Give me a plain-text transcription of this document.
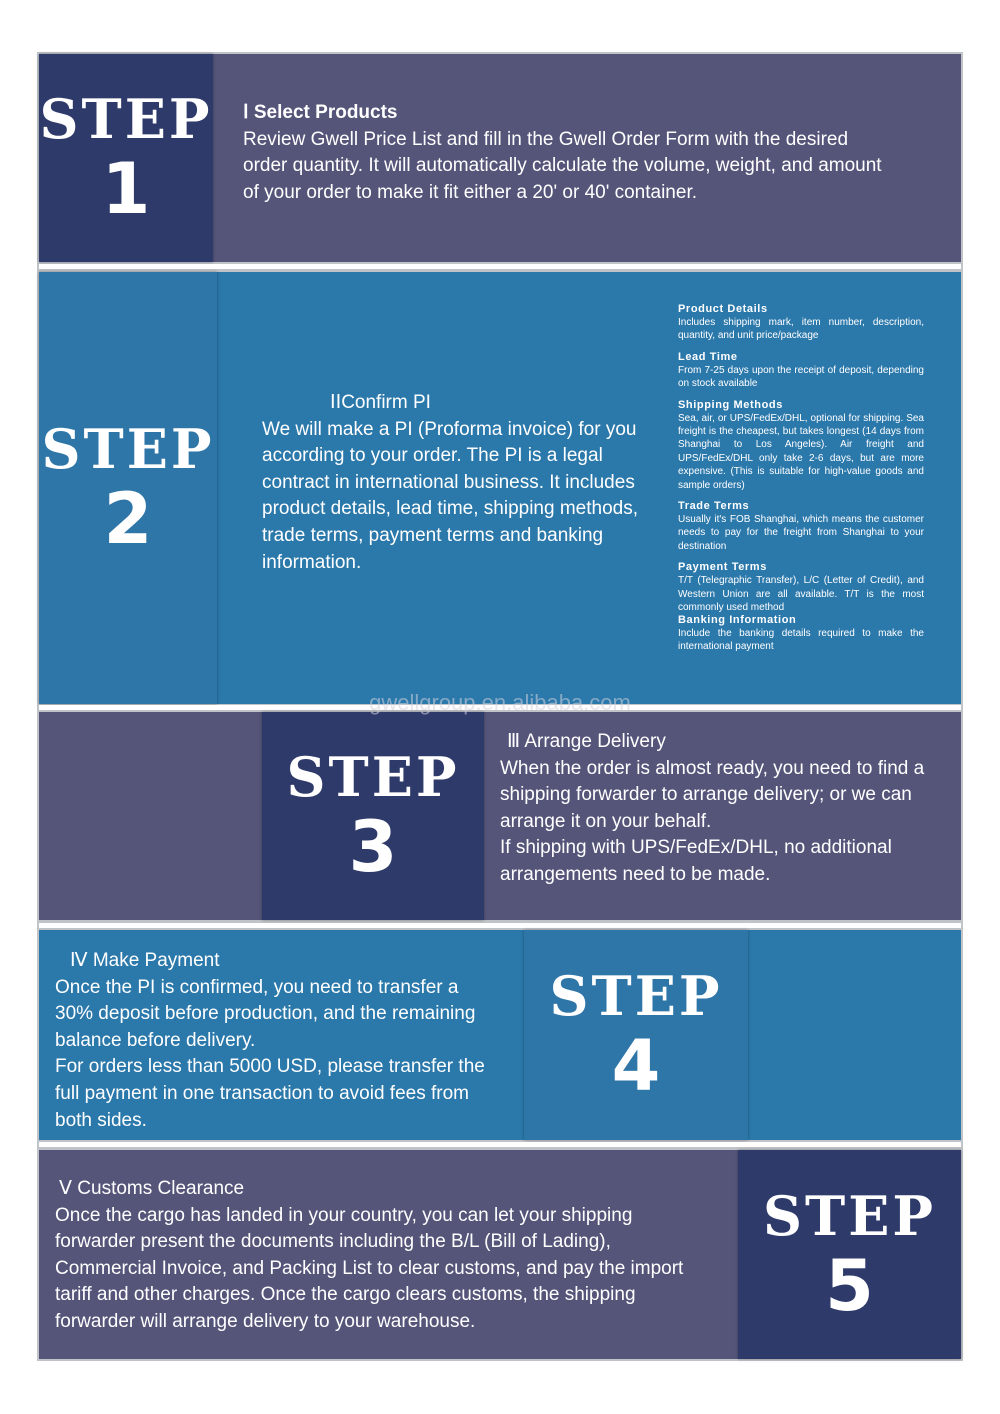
STEP
1
Ⅰ Select Products

Review Gwell Price List and fill in the Gwell Order Form with the desired

order quantity. It will automatically calculate the volume, weight, and amount

of your order to make it fit either a 20' or 40' container.

STEP
2
ⅠⅠConfirm PI

We will make a PI (Proforma invoice) for you

according to your order. The PI is a legal

contract in international business. It includes

product details, lead time, shipping methods,

trade terms, payment terms and banking

information.

Product Details
Includes shipping mark, item number, description, quantity, and unit price/package
Lead Time
From 7-25 days upon the receipt of deposit, depending on stock available
Shipping Methods
Sea, air, or UPS/FedEx/DHL, optional for shipping. Sea freight is the cheapest, but takes longest (14 days from Shanghai to Los Angeles). Air freight and UPS/FedEx/DHL only take 2-6 days, but are more expensive. (This is suitable for high-value goods and sample orders)
Trade Terms
Usually it's FOB Shanghai, which means the customer needs to pay for the freight from Shanghai to your destination
Payment Terms
T/T (Telegraphic Transfer), L/C (Letter of Credit), and Western Union are all available. T/T is the most commonly used method
Banking Information
Include the banking details required to make the international payment
STEP
3
Ⅲ Arrange Delivery

When the order is almost ready, you need to find a

shipping forwarder to arrange delivery; or we can

arrange it on your behalf.

If shipping with UPS/FedEx/DHL, no additional

arrangements need to be made.

STEP
4
Ⅳ Make Payment

Once the PI is confirmed, you need to transfer a

30% deposit before production, and the remaining

balance before delivery.

For orders less than 5000 USD, please transfer the

full payment in one transaction to avoid fees from

both sides.

STEP
5
Ⅴ Customs Clearance

Once the cargo has landed in your country, you can let your shipping

forwarder present the documents including the B/L (Bill of Lading),

Commercial Invoice, and Packing List to clear customs, and pay the import

tariff and other charges. Once the cargo clears customs, the shipping

forwarder will arrange delivery to your warehouse.

gwellgroup.en.alibaba.com
